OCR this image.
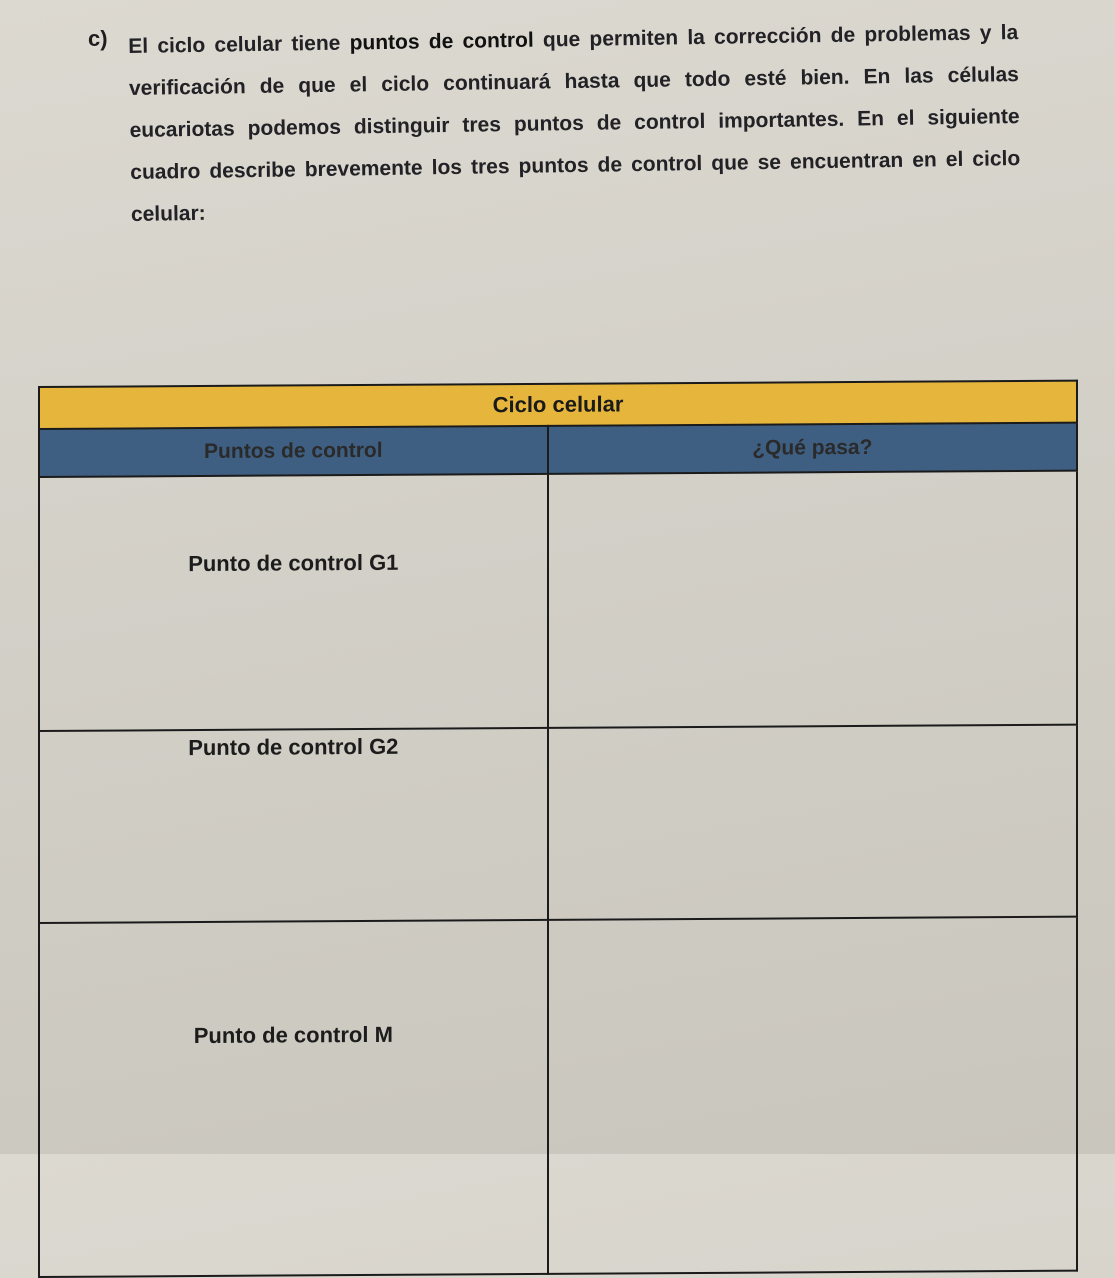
c) El ciclo celular tiene puntos de control que permiten la corrección de problemas y la verificación de que el ciclo continuará hasta que todo esté bien. En las células eucariotas podemos distinguir tres puntos de control importantes. En el siguiente cuadro describe brevemente los tres puntos de control que se encuentran en el ciclo celular:
Ciclo celular	
Puntos de control	¿Qué pasa?
Punto de control G1	
Punto de control G2	
Punto de control M	
